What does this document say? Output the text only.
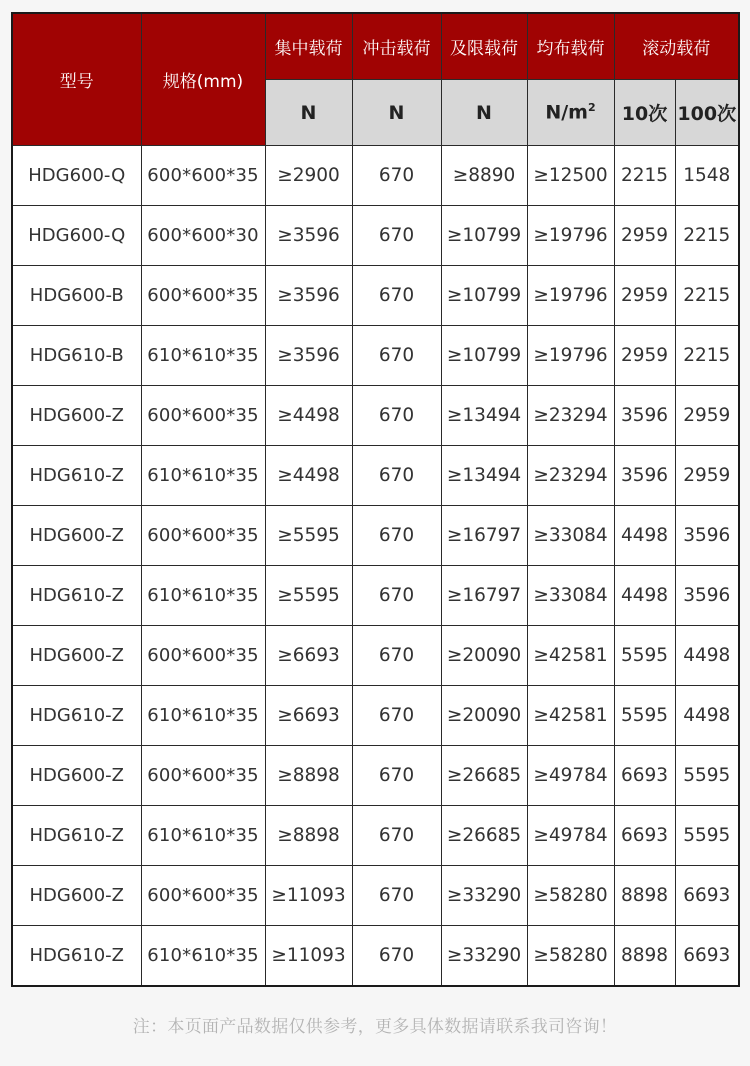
型号	规格(mm)	集中载荷	冲击载荷	及限载荷	均布载荷	滚动载荷	
		N	N	N	$N/m^2$	10次	100次
HDG600-Q	600*600*35	≥2900	670	≥8890	≥12500	2215	1548
HDG600-Q	600*600*30	≥3596	670	≥10799	≥19796	2959	2215
HDG600-B	600*600*35	≥3596	670	≥10799	≥19796	2959	2215
HDG610-B	610*610*35	≥3596	670	≥10799	≥19796	2959	2215
HDG600-Z	600*600*35	≥4498	670	≥13494	≥23294	3596	2959
HDG610-Z	610*610*35	≥4498	670	≥13494	≥23294	3596	2959
HDG600-Z	600*600*35	≥5595	670	≥16797	≥33084	4498	3596
HDG610-Z	610*610*35	≥5595	670	≥16797	≥33084	4498	3596
HDG600-Z	600*600*35	≥6693	670	≥20090	≥42581	5595	4498
HDG610-Z	610*610*35	≥6693	670	≥20090	≥42581	5595	4498
HDG600-Z	600*600*35	≥8898	670	≥26685	≥49784	6693	5595
HDG610-Z	610*610*35	≥8898	670	≥26685	≥49784	6693	5595
HDG600-Z	600*600*35	≥11093	670	≥33290	≥58280	8898	6693
HDG610-Z	610*610*35	≥11093	670	≥33290	≥58280	8898	6693
注：本页面产品数据仅供参考，更多具体数据请联系我司咨询！
